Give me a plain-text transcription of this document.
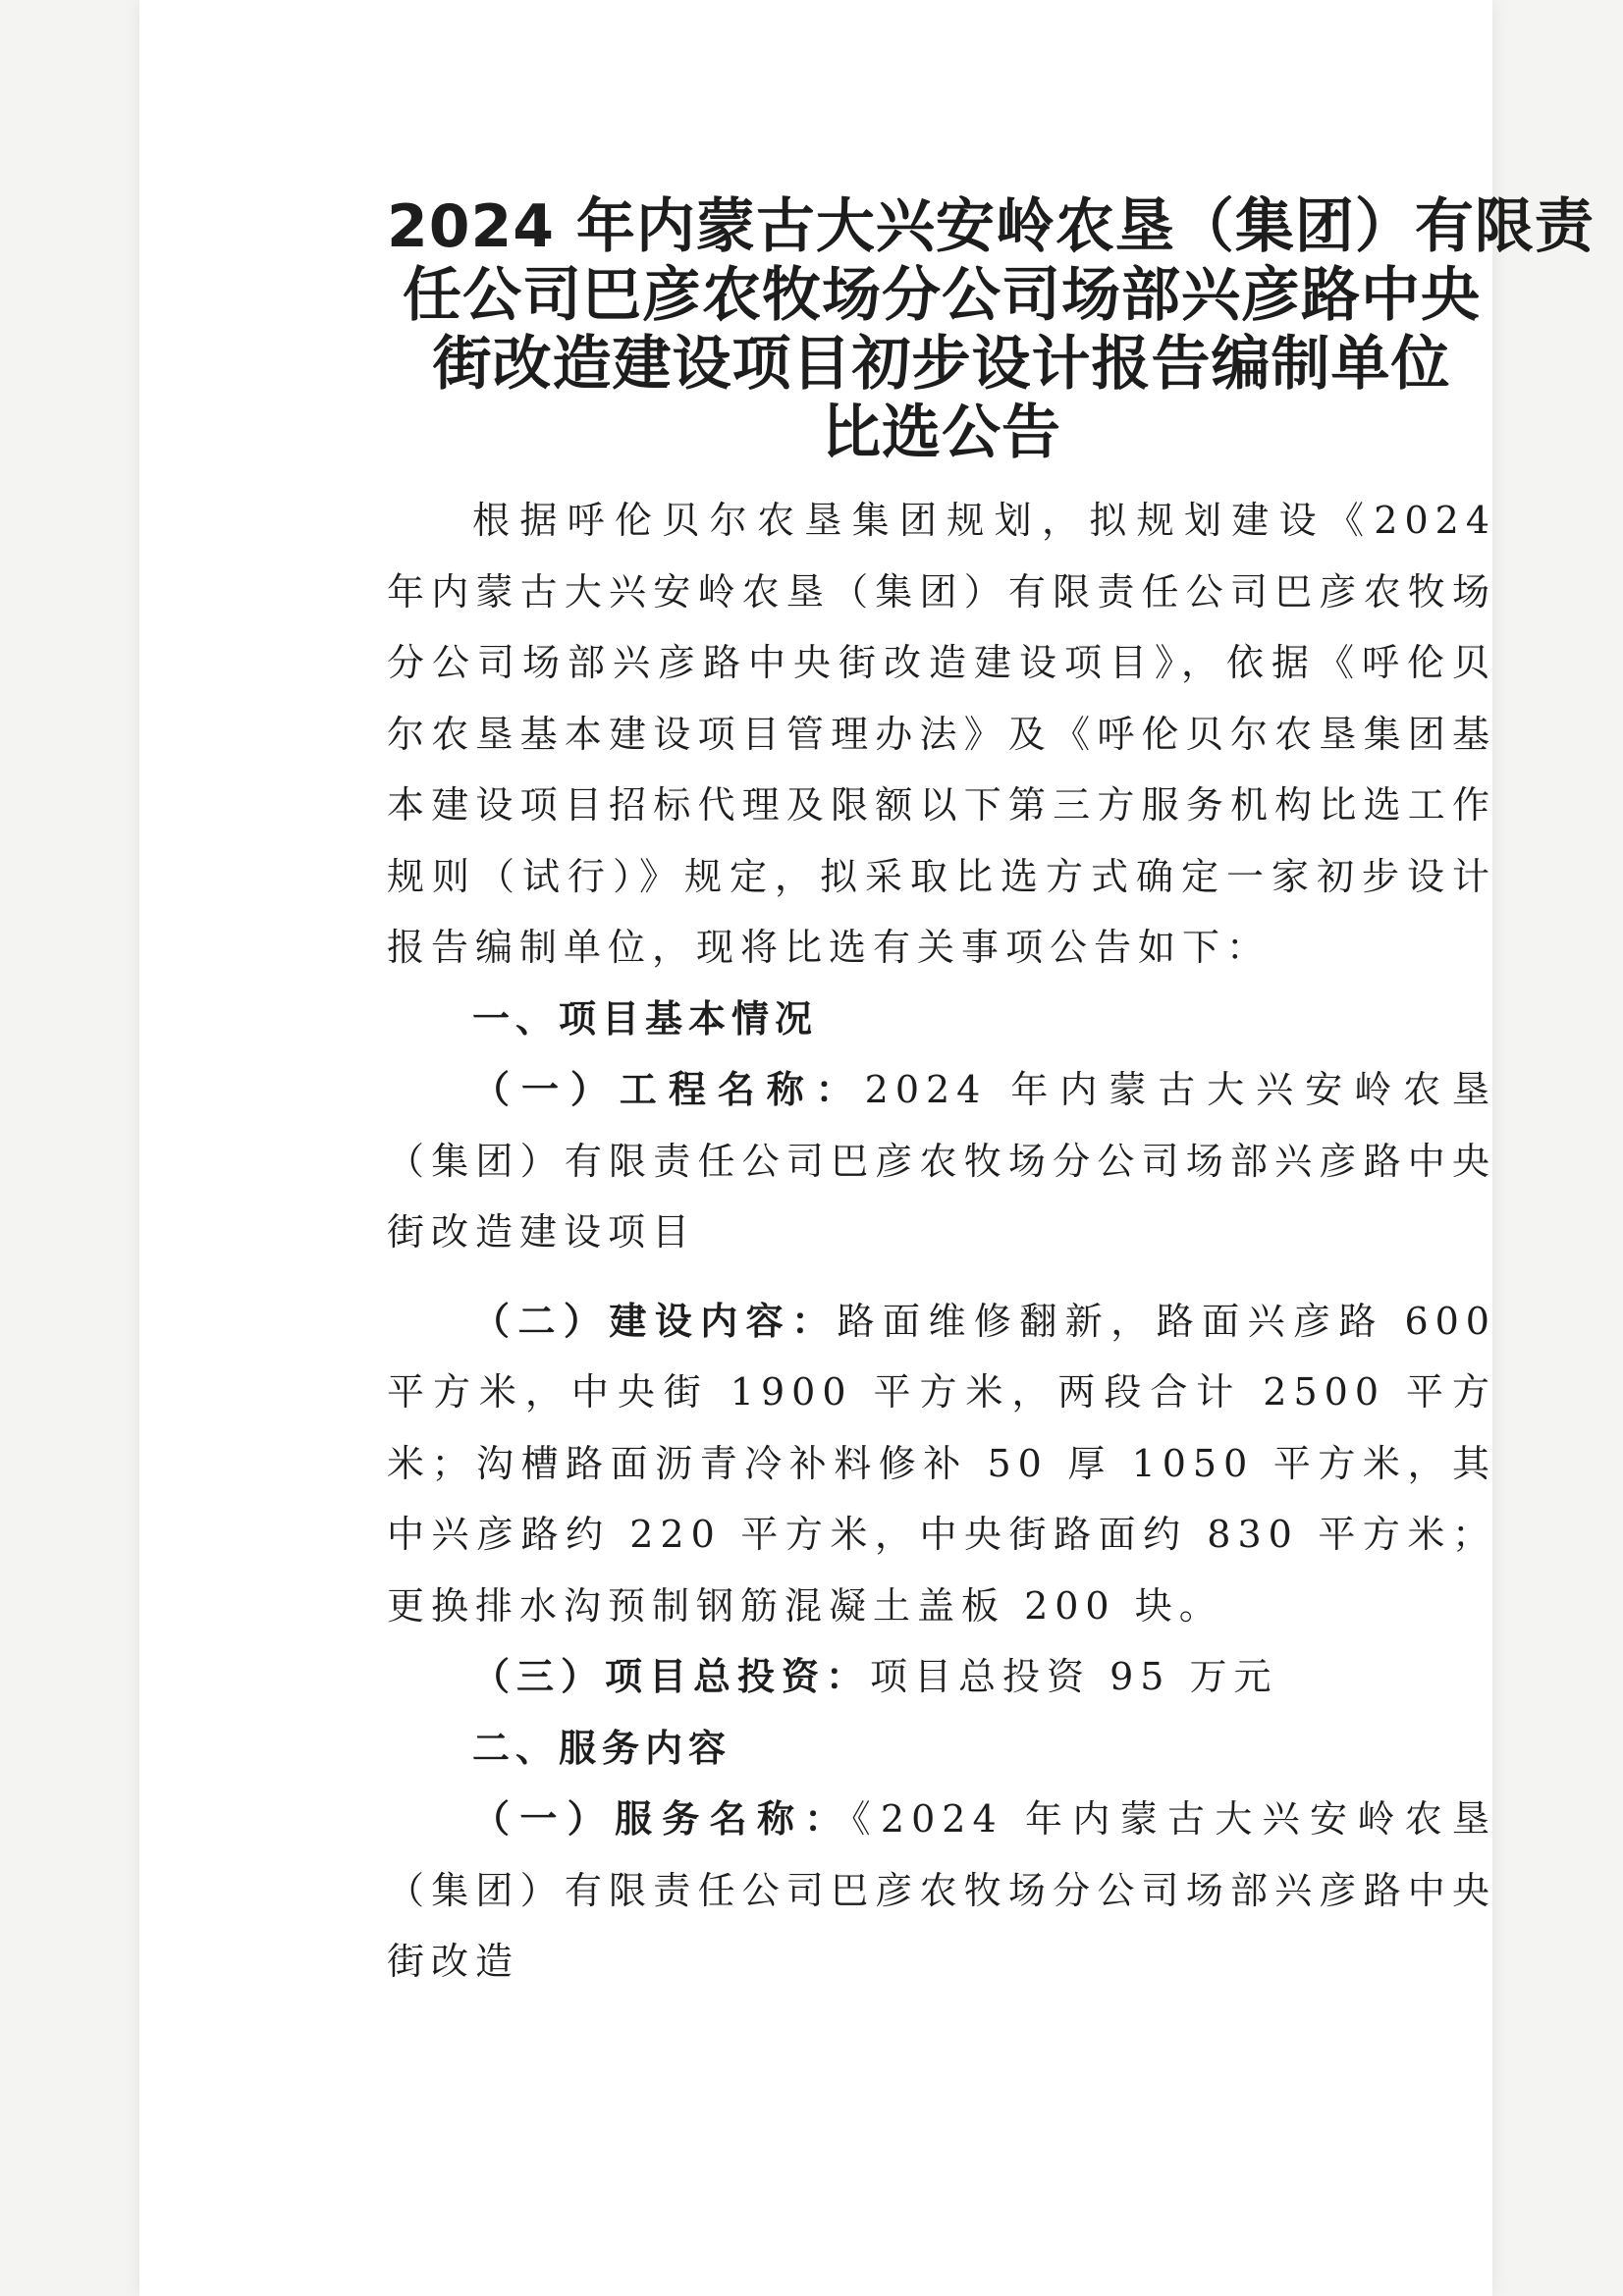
2024 年内蒙古大兴安岭农垦（集团）有限责
任公司巴彦农牧场分公司场部兴彦路中央
街改造建设项目初步设计报告编制单位
比选公告

根据呼伦贝尔农垦集团规划，拟规划建设《2024 年内蒙古大兴安岭农垦（集团）有限责任公司巴彦农牧场分公司场部兴彦路中央街改造建设项目》，依据《呼伦贝尔农垦基本建设项目管理办法》及《呼伦贝尔农垦集团基本建设项目招标代理及限额以下第三方服务机构比选工作规则（试行）》规定，拟采取比选方式确定一家初步设计报告编制单位，现将比选有关事项公告如下：

一、项目基本情况

（一）工程名称：2024 年内蒙古大兴安岭农垦（集团）有限责任公司巴彦农牧场分公司场部兴彦路中央街改造建设项目

（二）建设内容：路面维修翻新，路面兴彦路 600 平方米，中央街 1900 平方米，两段合计 2500 平方米；沟槽路面沥青冷补料修补 50 厚 1050 平方米，其中兴彦路约 220 平方米，中央街路面约 830 平方米；更换排水沟预制钢筋混凝土盖板 200 块。

（三）项目总投资：项目总投资 95 万元

二、服务内容

（一）服务名称：《2024 年内蒙古大兴安岭农垦（集团）有限责任公司巴彦农牧场分公司场部兴彦路中央街改造
